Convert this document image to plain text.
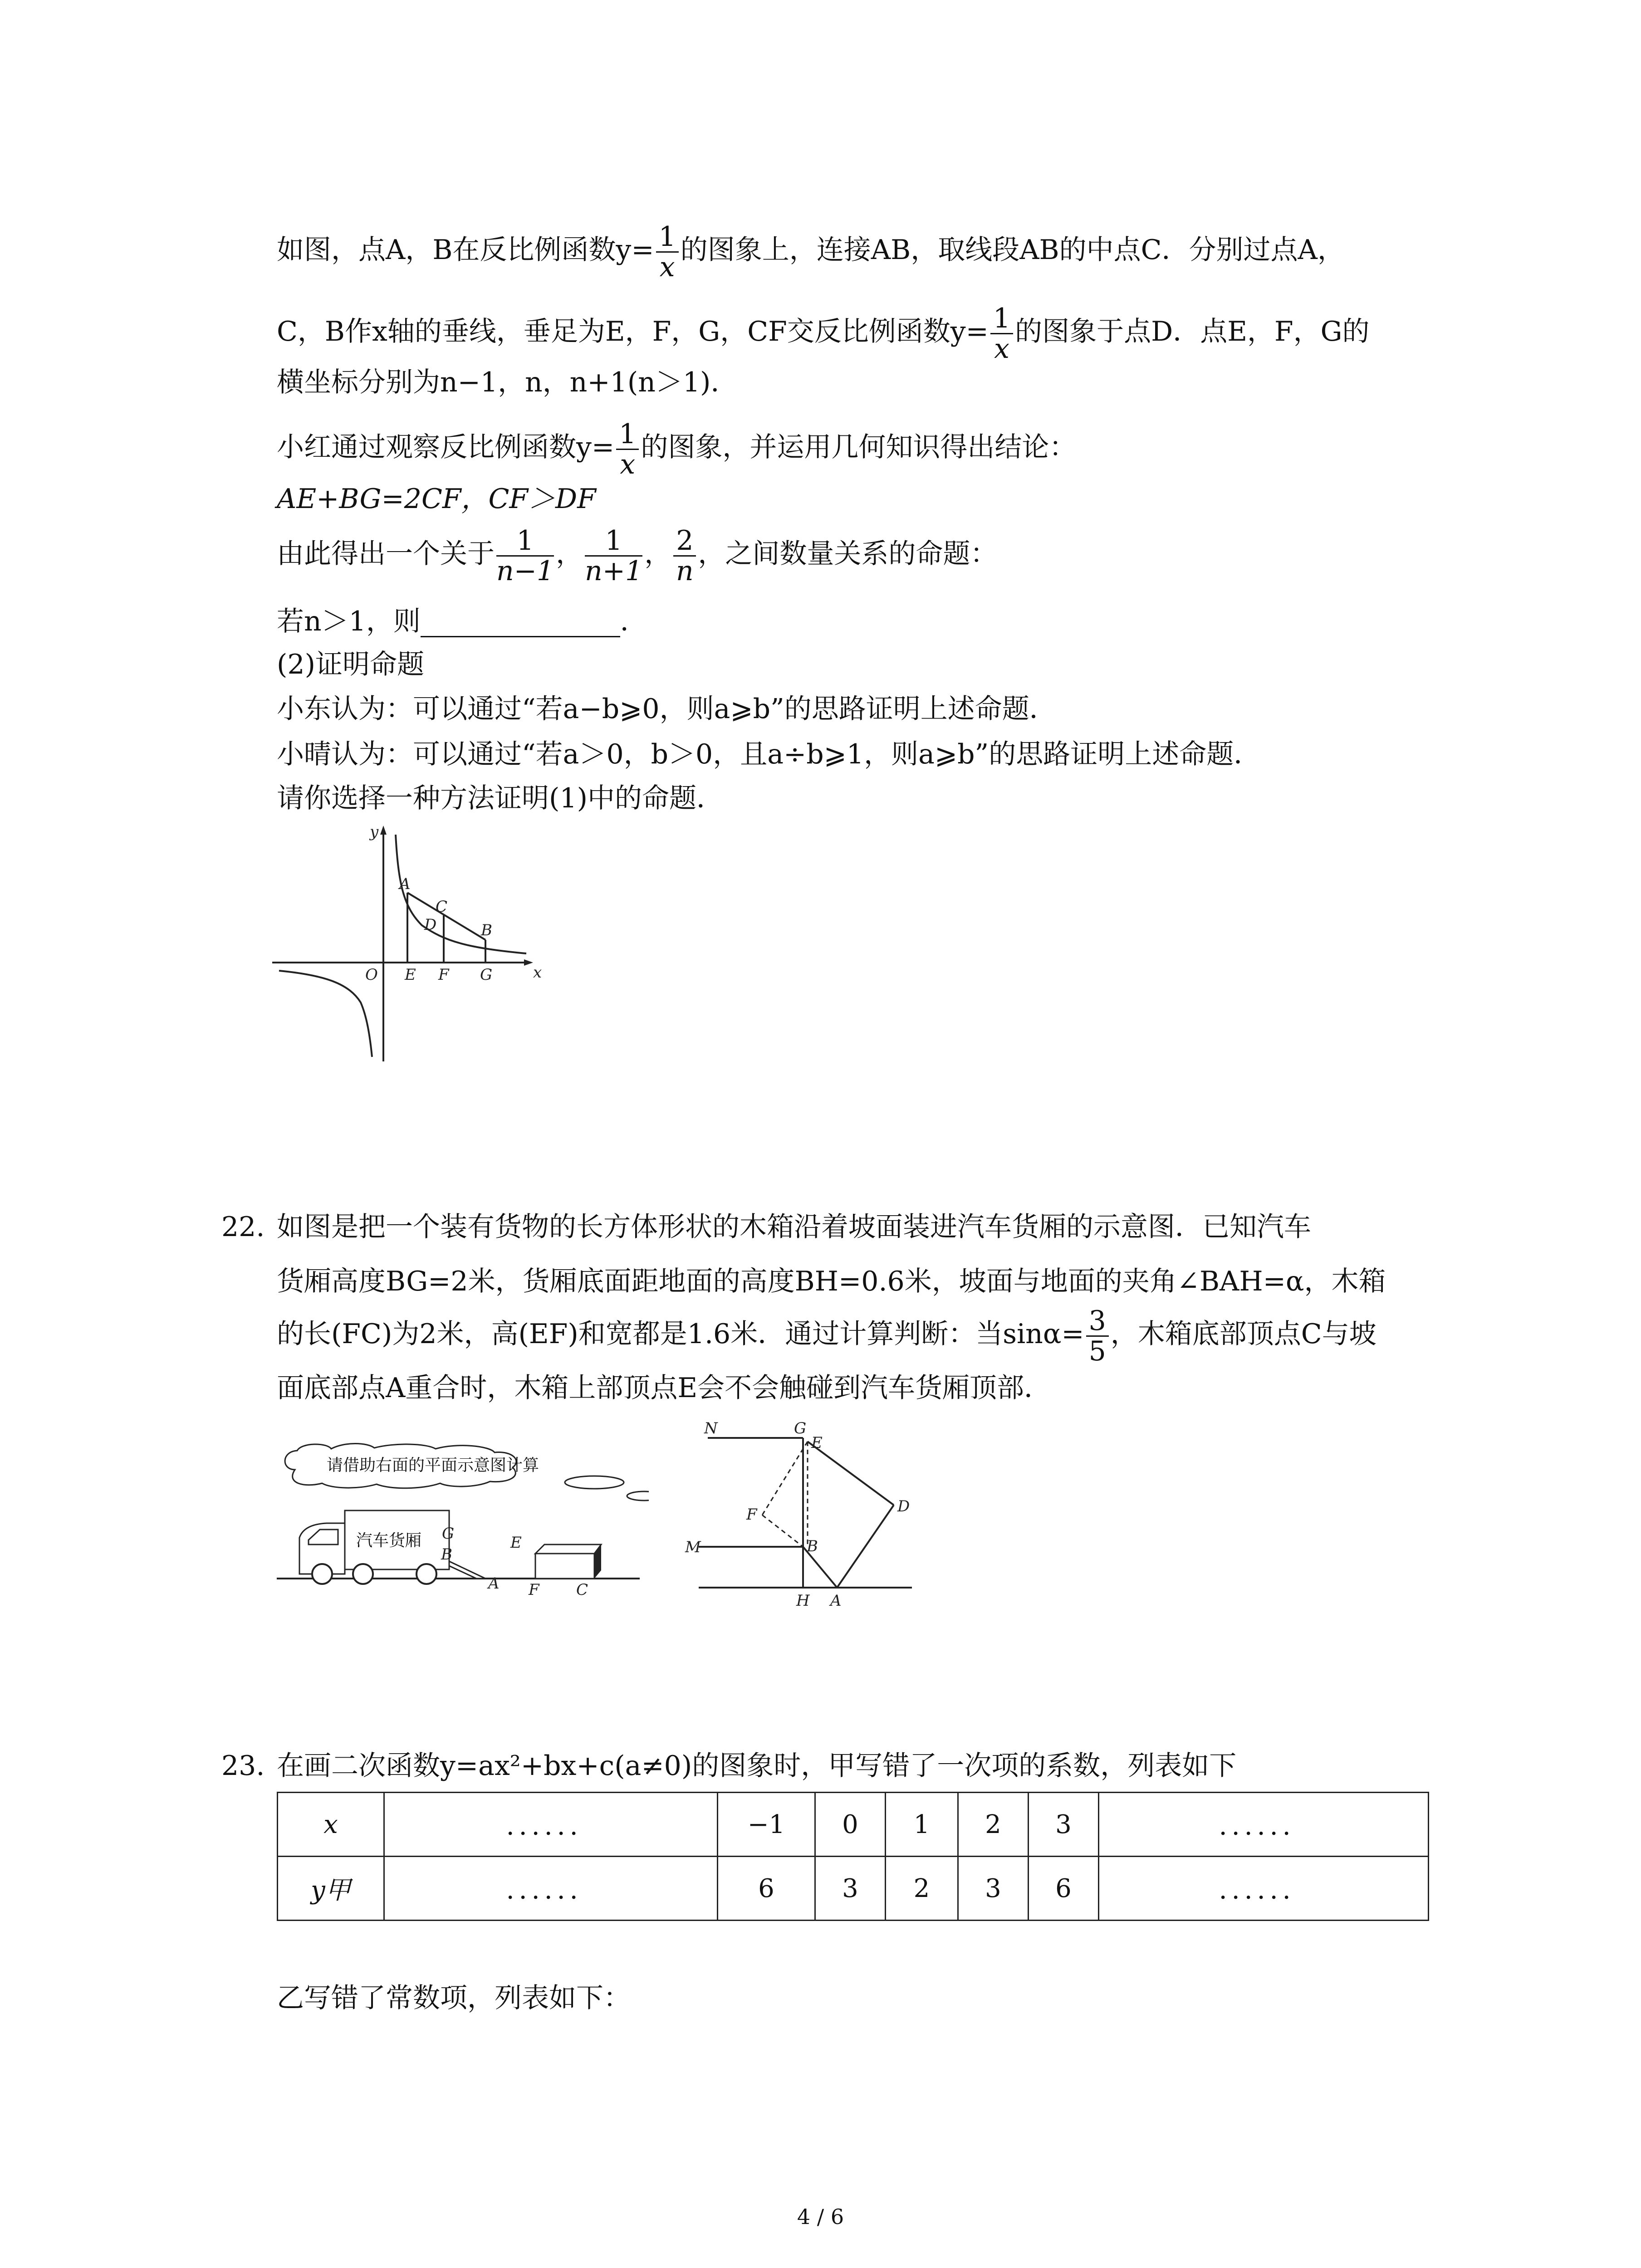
如图，点A，B在反比例函数$y= \frac{1}{x}$ 的图象上，连接AB，取线段AB的中点C．分别过点A，
C，B作x轴的垂线，垂足为E，F，G，CF交反比例函数$y= \frac{1}{x}$ 的图象于点D．点E，F，G的
横坐标分别为n−1，n，n+1(n＞1)．
小红通过观察反比例函数$y= \frac{1}{x}$ 的图象，并运用几何知识得出结论：
AE+BG=2CF，CF＞DF
由此得出一个关于 $\frac{1}{n-1}$ ， $\frac{1}{n+1}$ ， $\frac{2}{n}$ ，之间数量关系的命题：
若n＞1，则	．
(2)证明命题
小东认为：可以通过“若a−b⩾0，则a⩾b”的思路证明上述命题．
小晴认为：可以通过“若a＞0，b＞0，且a÷b⩾1，则a⩾b”的思路证明上述命题．
请你选择一种方法证明(1)中的命题．
y
x
O
A
C
D	B
E F G
22. 如图是把一个装有货物的长方体形状的木箱沿着坡面装进汽车货厢的示意图．已知汽车
货厢高度BG=2米，货厢底面距地面的高度BH=0.6米，坡面与地面的夹角∠BAH=α，木箱
的长(FC)为2米，高(EF)和宽都是1.6米．通过计算判断：当$\sin\alpha= \frac{3}{5}$ ，木箱底部顶点C与坡
面底部点A重合时，木箱上部顶点E会不会触碰到汽车货厢顶部．
请借助右面的平面示意图计算
汽车货厢 G
B
E
A F C
N	G
E
D
F
M	B
H A
23. 在画二次函数y=ax²+bx+c(a≠0)的图象时，甲写错了一次项的系数，列表如下
x	．．．．．．	−1	0	1	2	3	．．．．．．
y甲	．．．．．．	6	3	2	3	6	．．．．．．
乙写错了常数项，列表如下：
4 / 6
